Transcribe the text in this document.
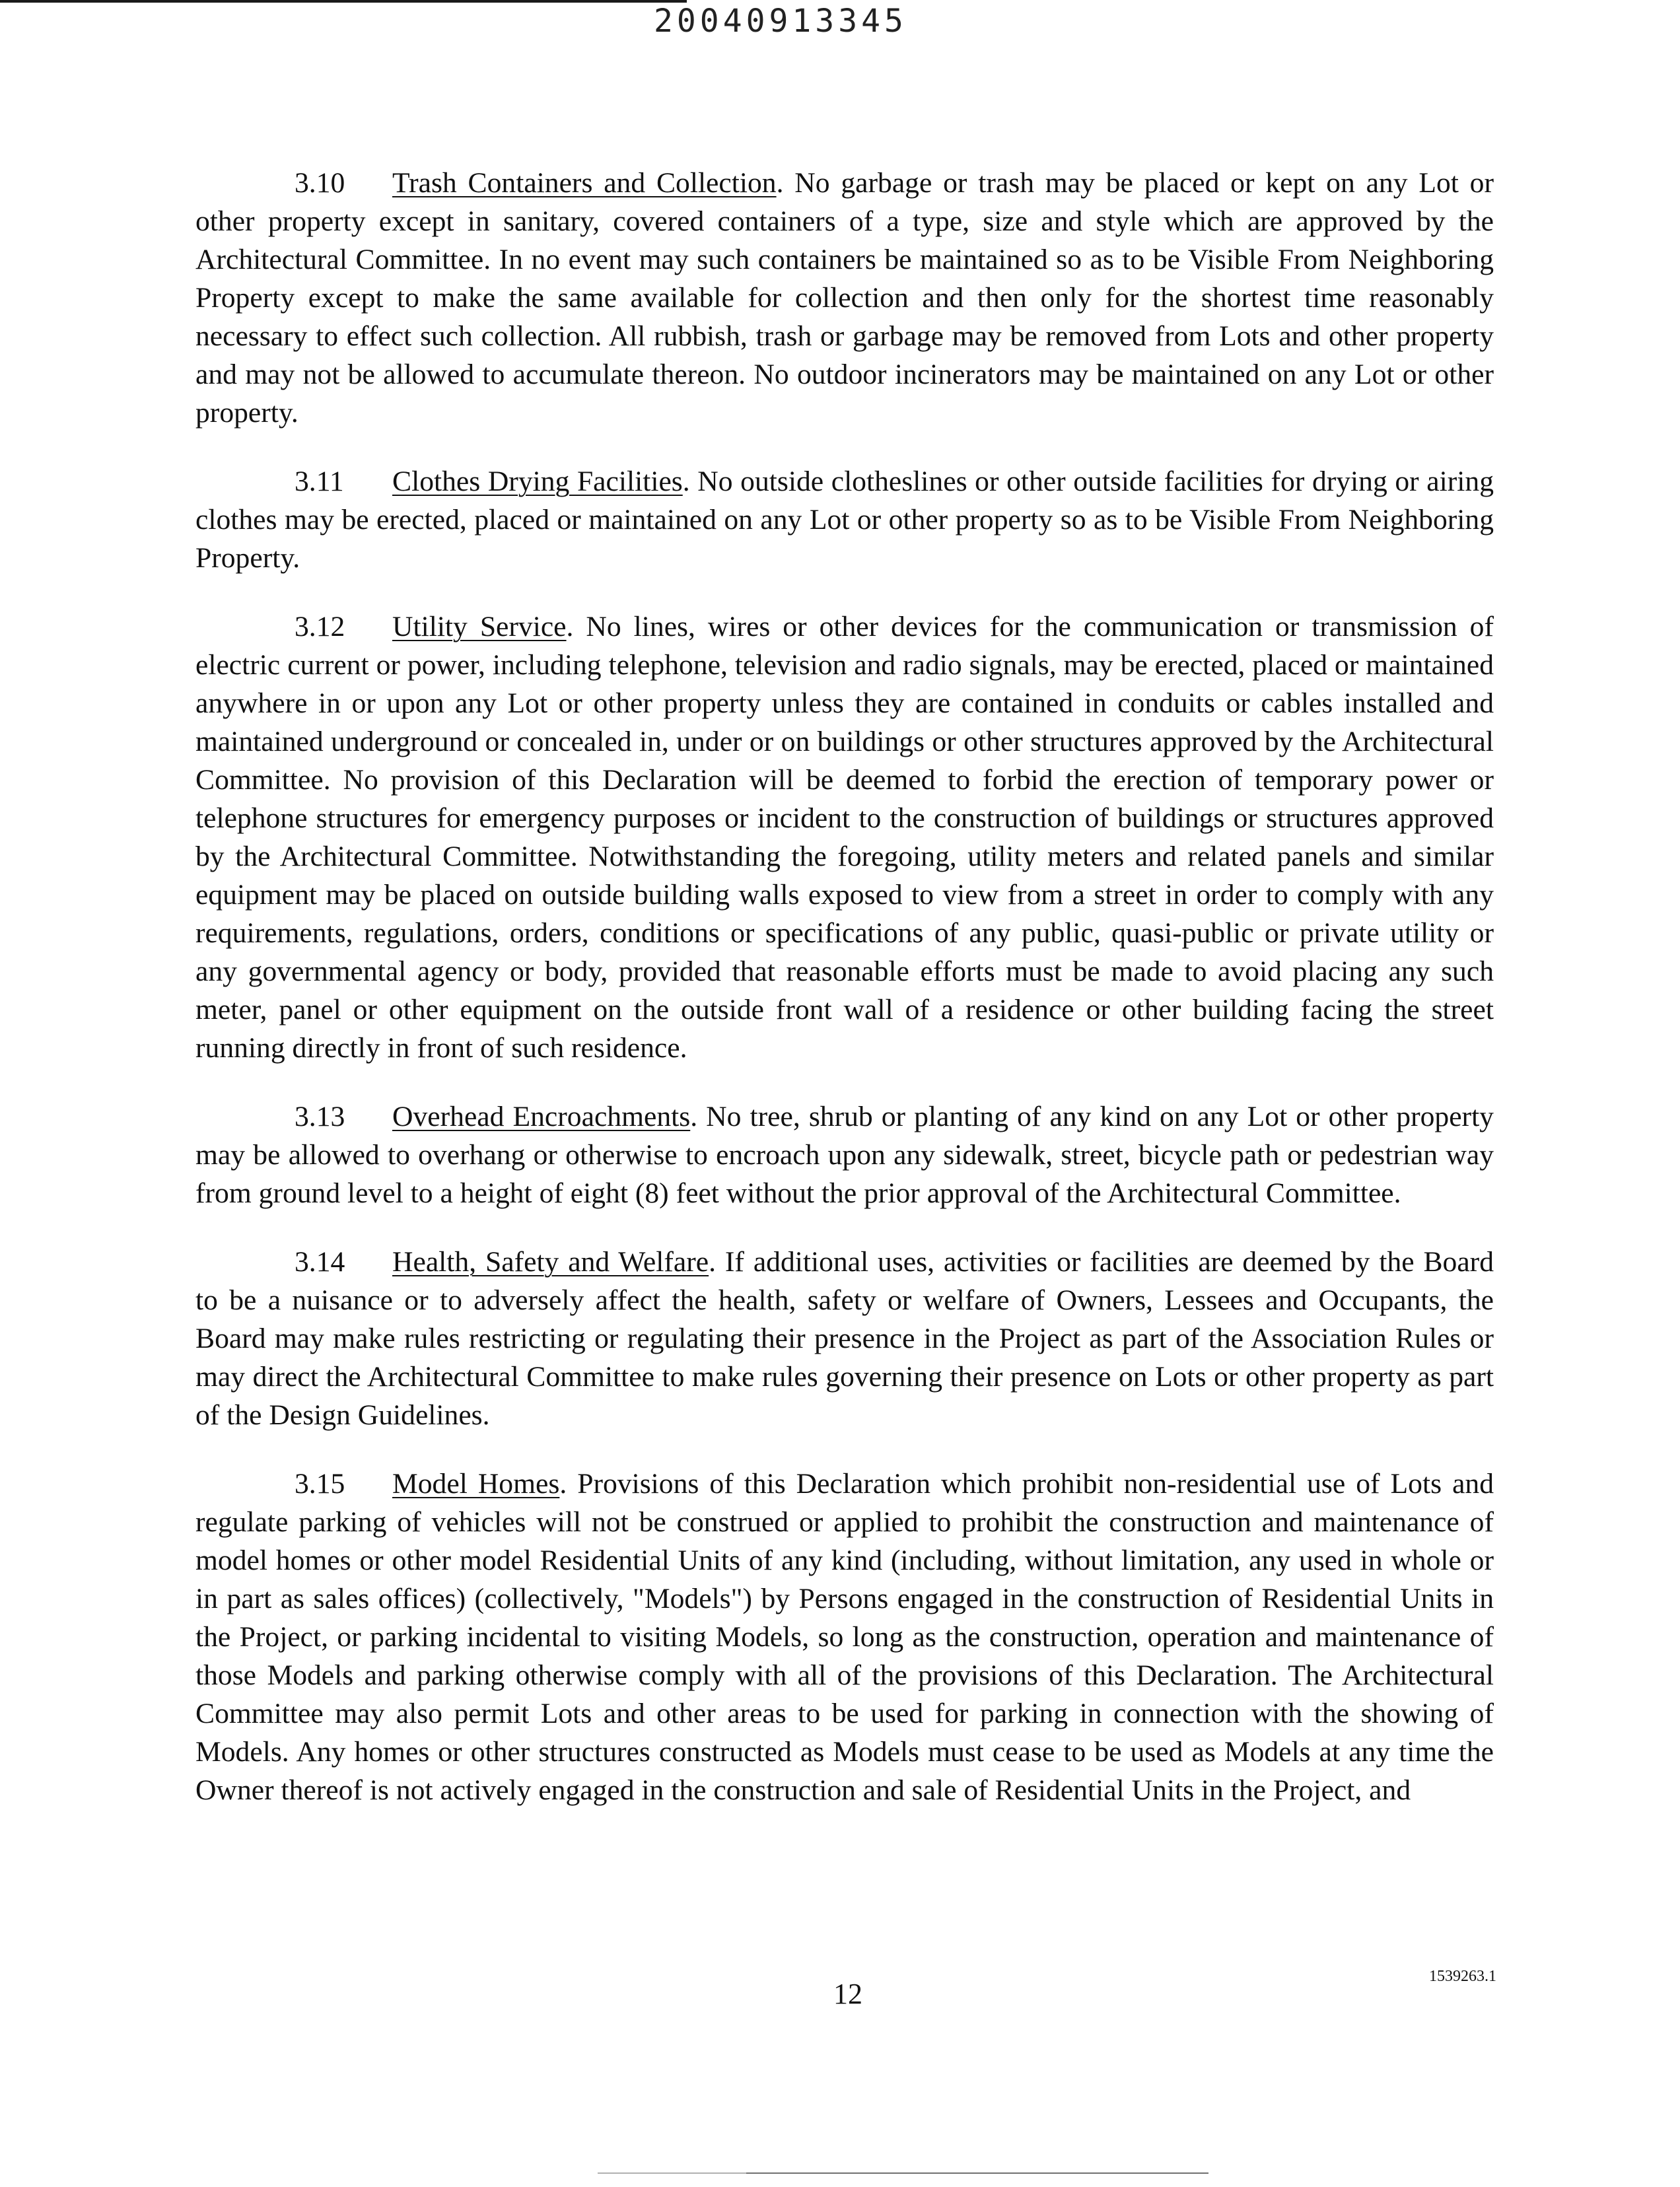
20040913345

3.10 Trash Containers and Collection. No garbage or trash may be placed or kept on any Lot or other property except in sanitary, covered containers of a type, size and style which are approved by the Architectural Committee. In no event may such containers be maintained so as to be Visible From Neighboring Property except to make the same available for collection and then only for the shortest time reasonably necessary to effect such collection. All rubbish, trash or garbage may be removed from Lots and other property and may not be allowed to accumulate thereon. No outdoor incinerators may be maintained on any Lot or other property.

3.11 Clothes Drying Facilities. No outside clotheslines or other outside facilities for drying or airing clothes may be erected, placed or maintained on any Lot or other property so as to be Visible From Neighboring Property.

3.12 Utility Service. No lines, wires or other devices for the communication or transmission of electric current or power, including telephone, television and radio signals, may be erected, placed or maintained anywhere in or upon any Lot or other property unless they are contained in conduits or cables installed and maintained underground or concealed in, under or on buildings or other structures approved by the Architectural Committee. No provision of this Declaration will be deemed to forbid the erection of temporary power or telephone structures for emergency purposes or incident to the construction of buildings or structures approved by the Architectural Committee. Notwithstanding the foregoing, utility meters and related panels and similar equipment may be placed on outside building walls exposed to view from a street in order to comply with any requirements, regulations, orders, conditions or specifications of any public, quasi-public or private utility or any governmental agency or body, provided that reasonable efforts must be made to avoid placing any such meter, panel or other equipment on the outside front wall of a residence or other building facing the street running directly in front of such residence.

3.13 Overhead Encroachments. No tree, shrub or planting of any kind on any Lot or other property may be allowed to overhang or otherwise to encroach upon any sidewalk, street, bicycle path or pedestrian way from ground level to a height of eight (8) feet without the prior approval of the Architectural Committee.

3.14 Health, Safety and Welfare. If additional uses, activities or facilities are deemed by the Board to be a nuisance or to adversely affect the health, safety or welfare of Owners, Lessees and Occupants, the Board may make rules restricting or regulating their presence in the Project as part of the Association Rules or may direct the Architectural Committee to make rules governing their presence on Lots or other property as part of the Design Guidelines.

3.15 Model Homes. Provisions of this Declaration which prohibit non-residential use of Lots and regulate parking of vehicles will not be construed or applied to prohibit the construction and maintenance of model homes or other model Residential Units of any kind (including, without limitation, any used in whole or in part as sales offices) (collectively, "Models") by Persons engaged in the construction of Residential Units in the Project, or parking incidental to visiting Models, so long as the construction, operation and maintenance of those Models and parking otherwise comply with all of the provisions of this Declaration. The Architectural Committee may also permit Lots and other areas to be used for parking in connection with the showing of Models. Any homes or other structures constructed as Models must cease to be used as Models at any time the Owner thereof is not actively engaged in the construction and sale of Residential Units in the Project, and

12
1539263.1
